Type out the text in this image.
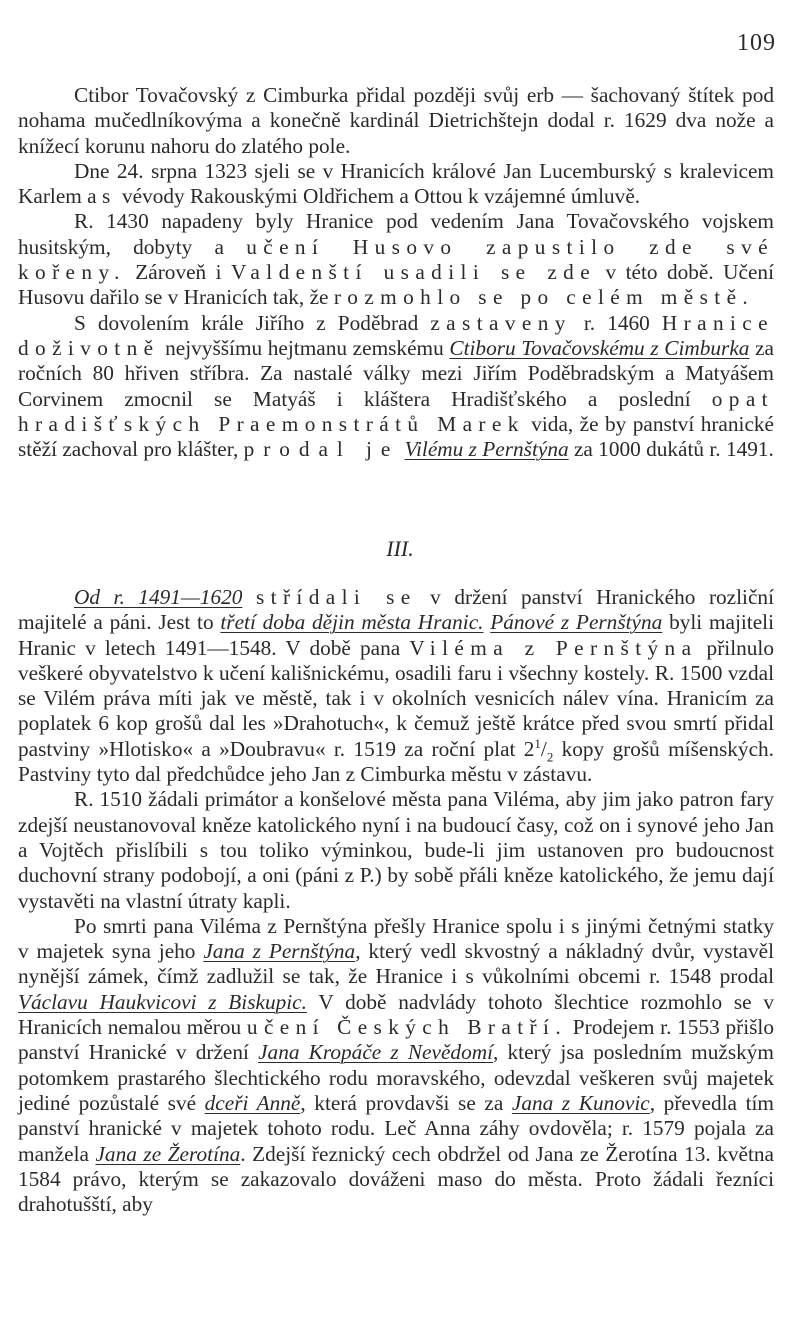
109

Ctibor Tovačovský z Cimburka přidal později svůj erb — šachovaný štítek pod nohama mučedlníkovýma a konečně kardinál Dietrichštejn dodal r. 1629 dva nože a knížecí korunu nahoru do zlatého pole.

Dne 24. srpna 1323 sjeli se v Hranicích králové Jan Lucemburský s kralevicem Karlem a s vévody Rakouskými Oldřichem a Ottou k vzájemné úmluvě.

R. 1430 napadeny byly Hranice pod vedením Jana Tovačovského vojskem husitským, dobyty a učení Husovo zapustilo zde své kořeny. Zároveň i Valdenští usadili se zde v této době. Učení Husovu dařilo se v Hranicích tak, že rozmohlo se po celém městě.

S dovolením krále Jiřího z Poděbrad zastaveny r. 1460 Hranice doživotně nejvyššímu hejtmanu zemskému Ctiboru Tovačovskému z Cimburka za ročních 80 hřiven stříbra. Za nastalé války mezi Jiřím Poděbradským a Matyášem Corvinem zmocnil se Matyáš i kláštera Hradišťského a poslední opat hradišťských Praemonstrátů Marek vida, že by panství hranické stěží zachoval pro klášter, prodal je Vilému z Pernštýna za 1000 dukátů r. 1491.

III.

Od r. 1491—1620 střídali se v držení panství Hranického rozliční majitelé a páni. Jest to třetí doba dějin města Hranic. Pánové z Pernštýna byli majiteli Hranic v letech 1491—1548. V době pana Viléma z Pernštýna přilnulo veškeré obyvatelstvo k učení kališnickému, osadili faru i všechny kostely. R. 1500 vzdal se Vilém práva míti jak ve městě, tak i v okolních vesnicích nálev vína. Hranicím za poplatek 6 kop grošů dal les »Drahotuch«, k čemuž ještě krátce před svou smrtí přidal pastviny »Hlotisko« a »Doubravu« r. 1519 za roční plat $2^1/_2$ kopy grošů míšenských. Pastviny tyto dal předchůdce jeho Jan z Cimburka městu v zástavu.

R. 1510 žádali primátor a konšelové města pana Viléma, aby jim jako patron fary zdejší neustanovoval kněze katolického nyní i na budoucí časy, což on i synové jeho Jan a Vojtěch přislíbili s tou toliko výminkou, bude-li jim ustanoven pro budoucnost duchovní strany podobojí, a oni (páni z P.) by sobě přáli kněze katolického, že jemu dají vystavěti na vlastní útraty kapli.

Po smrti pana Viléma z Pernštýna přešly Hranice spolu i s jinými četnými statky v majetek syna jeho Jana z Pernštýna, který vedl skvostný a nákladný dvůr, vystavěl nynější zámek, čímž zadlužil se tak, že Hranice i s vůkolními obcemi r. 1548 prodal Václavu Haukvicovi z Biskupic. V době nadvlády tohoto šlechtice rozmohlo se v Hranicích nemalou měrou učení Českých Bratří. Prodejem r. 1553 přišlo panství Hranické v držení Jana Kropáče z Nevědomí, který jsa posledním mužským potomkem prastarého šlechtického rodu moravského, odevzdal veškeren svůj majetek jediné pozůstalé své dceři Anně, která provdavši se za Jana z Kunovic, převedla tím panství hranické v majetek tohoto rodu. Leč Anna záhy ovdověla; r. 1579 pojala za manžela Jana ze Žerotína. Zdejší řeznický cech obdržel od Jana ze Žerotína 13. května 1584 právo, kterým se zakazovalo dováženi maso do města. Proto žádali řezníci drahotušští, aby
